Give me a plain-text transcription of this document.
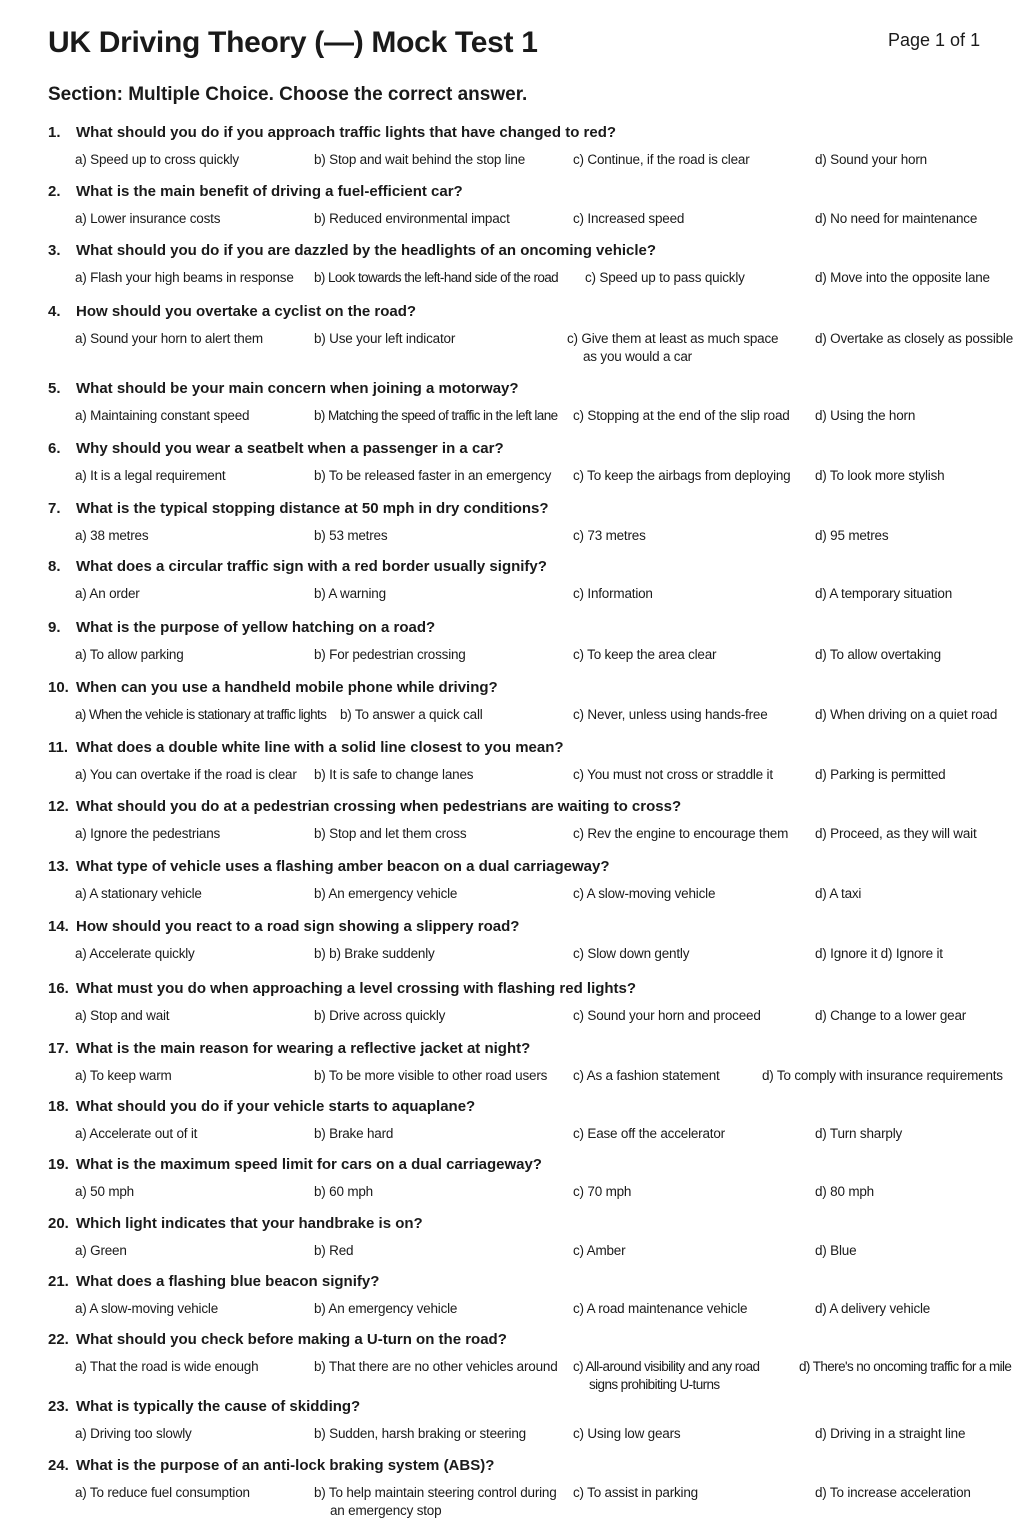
UK Driving Theory (—) Mock Test 1	Page 1 of 1
Section: Multiple Choice. Choose the correct answer.
1. What should you do if you approach traffic lights that have changed to red?
a) Speed up to cross quickly	b) Stop and wait behind the stop line	c) Continue, if the road is clear	d) Sound your horn
2. What is the main benefit of driving a fuel-efficient car?
a) Lower insurance costs	b) Reduced environmental impact	c) Increased speed	d) No need for maintenance
3. What should you do if you are dazzled by the headlights of an oncoming vehicle?
a) Flash your high beams in response b) Look towards the left-hand side of the road c) Speed up to pass quickly	d) Move into the opposite lane
4. How should you overtake a cyclist on the road?
a) Sound your horn to alert them	b) Use your left indicator	c) Give them at least as much space
as you would a car
d) Overtake as closely as possible
5. What should be your main concern when joining a motorway?
a) Maintaining constant speed	b) Matching the speed of traffic in the left lane c) Stopping at the end of the slip road d) Using the horn
6. Why should you wear a seatbelt when a passenger in a car?
a) It is a legal requirement	b) To be released faster in an emergency c) To keep the airbags from deploying d) To look more stylish
7. What is the typical stopping distance at 50 mph in dry conditions?
a) 38 metres	b) 53 metres	c) 73 metres	d) 95 metres
8. What does a circular traffic sign with a red border usually signify?
a) An order	b) A warning	c) Information	d) A temporary situation
9. What is the purpose of yellow hatching on a road?
a) To allow parking	b) For pedestrian crossing	c) To keep the area clear	d) To allow overtaking
10. When can you use a handheld mobile phone while driving?
a) When the vehicle is stationary at traffic lights b) To answer a quick call	c) Never, unless using hands-free	d) When driving on a quiet road
11. What does a double white line with a solid line closest to you mean?
a) You can overtake if the road is clear b) It is safe to change lanes	c) You must not cross or straddle it	d) Parking is permitted
12. What should you do at a pedestrian crossing when pedestrians are waiting to cross?
a) Ignore the pedestrians	b) Stop and let them cross	c) Rev the engine to encourage them d) Proceed, as they will wait
13. What type of vehicle uses a flashing amber beacon on a dual carriageway?
a) A stationary vehicle	b) An emergency vehicle	c) A slow-moving vehicle	d) A taxi
14. How should you react to a road sign showing a slippery road?
a) Accelerate quickly	b) b) Brake suddenly	c) Slow down gently	d) Ignore it d) Ignore it
16. What must you do when approaching a level crossing with flashing red lights?
a) Stop and wait	b) Drive across quickly	c) Sound your horn and proceed	d) Change to a lower gear
17. What is the main reason for wearing a reflective jacket at night?
a) To keep warm	b) To be more visible to other road users c) As a fashion statement	d) To comply with insurance requirements
18. What should you do if your vehicle starts to aquaplane?
a) Accelerate out of it	b) Brake hard	c) Ease off the accelerator	d) Turn sharply
19. What is the maximum speed limit for cars on a dual carriageway?
a) 50 mph	b) 60 mph	c) 70 mph	d) 80 mph
20. Which light indicates that your handbrake is on?
a) Green	b) Red	c) Amber	d) Blue
21. What does a flashing blue beacon signify?
a) A slow-moving vehicle	b) An emergency vehicle	c) A road maintenance vehicle	d) A delivery vehicle
22. What should you check before making a U-turn on the road?
a) That the road is wide enough	b) That there are no other vehicles around c) All-around visibility and any road
signs prohibiting U-turns
d) There's no oncoming traffic for a mile
23. What is typically the cause of skidding?
a) Driving too slowly	b) Sudden, harsh braking or steering	c) Using low gears	d) Driving in a straight line
24. What is the purpose of an anti-lock braking system (ABS)?
a) To reduce fuel consumption	b) To help maintain steering control during
an emergency stop
c) To assist in parking	d) To increase acceleration
